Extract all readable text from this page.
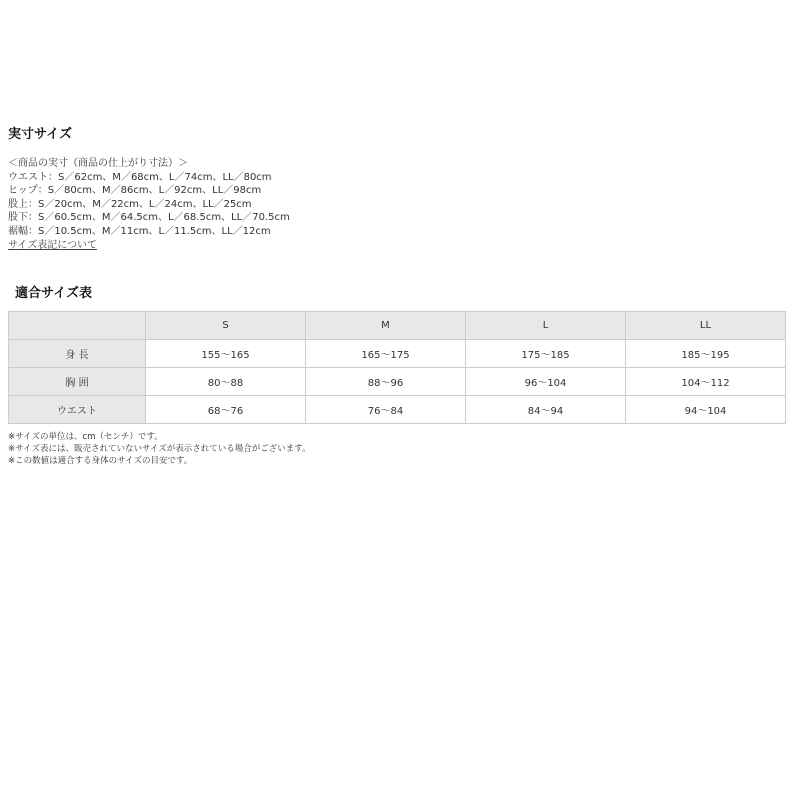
実寸サイズ
＜商品の実寸（商品の仕上がり寸法）＞
ウエスト：S／62cm、M／68cm、L／74cm、LL／80cm
ヒップ：S／80cm、M／86cm、L／92cm、LL／98cm
股上：S／20cm、M／22cm、L／24cm、LL／25cm
股下：S／60.5cm、M／64.5cm、L／68.5cm、LL／70.5cm
裾幅：S／10.5cm、M／11cm、L／11.5cm、LL／12cm
サイズ表記について
適合サイズ表
	S	M	L	LL
身 長	155〜165	165〜175	175〜185	185〜195
胸 囲	80〜88	88〜96	96〜104	104〜112
ウエスト	68〜76	76〜84	84〜94	94〜104
※サイズの単位は、cm（センチ）です。
※サイズ表には、販売されていないサイズが表示されている場合がございます。
※この数値は適合する身体のサイズの目安です。
